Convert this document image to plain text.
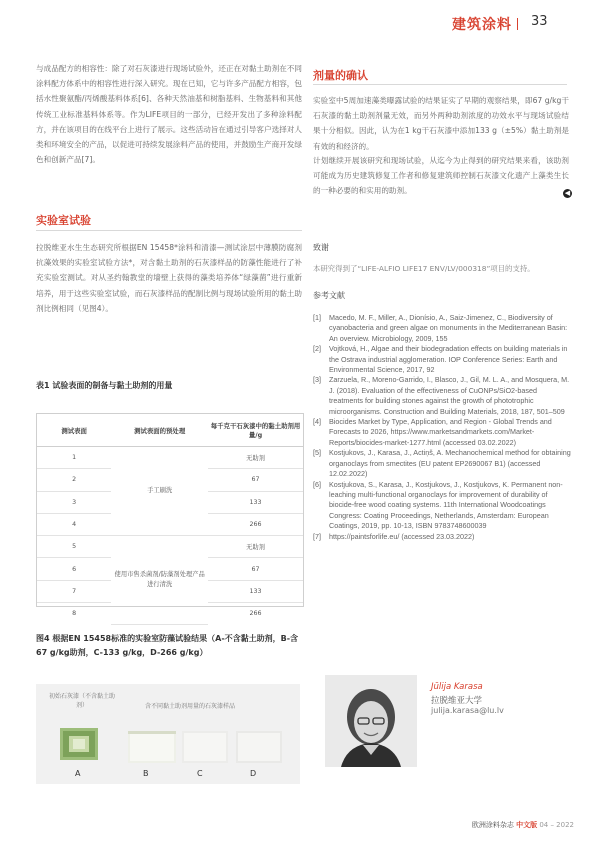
建筑涂料 33

与成品配方的相容性：除了对石灰漆进行现场试验外，还正在对黏土助剂在不同涂料配方体系中的相容性进行深入研究。现在已知，它与许多产品配方相容，包括水性聚氨酯/丙烯酸基料体系[6]、各种天然油基和树脂基料、生物基料和其他传统工业标准基料体系等。作为LIFE项目的一部分，已经开发出了多种涂料配方，并在该项目的在线平台上进行了展示。这些活动旨在通过引导客户选择对人类和环境安全的产品，以促进可持续发展涂料产品的使用，并鼓励生产商开发绿色和创新产品[7]。

实验室试验

拉脱维亚水生生态研究所根据EN 15458*涂料和清漆—测试涂层中薄膜防腐剂抗藻效果的实验室试验方法*，对含黏土助剂的石灰漆样品的防藻性能进行了补充实验室测试。对从圣约翰教堂的墙壁上获得的藻类培养体“绿藻菌”进行重新培养，用于这些实验室试验，而石灰漆样品的配制比例与现场试验所用的黏土助剂比例相同（见图4）。

表1 试验表面的制备与黏土助剂的用量
测试表面	测试表面的预处理	每千克干石灰漆中的黏土助剂用量/g
1	手工刷洗	无助剂
2		67
3		133
4		266
5	使用市售杀菌剂/防藻剂处理产品进行清洗	无助剂
6		67
7		133
8		266
图4 根据EN 15458标准的实验室防藻试验结果（A-不含黏土助剂，B-含67 g/kg助剂，C-133 g/kg，D-266 g/kg）
初始石灰漆（不含黏土助剂）	含不同黏土助剂用量的石灰漆样品
A	B	C	D
剂量的确认

实验室中5周加速藻类曝露试验的结果证实了早期的观察结果，即67 g/kg干石灰漆的黏土助剂剂量无效，而另外两种助剂浓度的功效水平与现场试验结果十分相似。因此，认为在1 kg干石灰漆中添加133 g（±5%）黏土助剂是有效的和经济的。

计划继续开展该研究和现场试验，从迄今为止得到的研究结果来看，该助剂可能成为历史建筑修复工作者和修复建筑师控制石灰漆文化遗产上藻类生长的一种必要的和实用的助剂。	◀
致谢
本研究得到了“LIFE-ALFIO LIFE17 ENV/LV/000318”项目的支持。
参考文献
[1]	Macedo, M. F., Miller, A., Dionísio, A., Saiz-Jimenez, C., Biodiversity of cyanobacteria and green algae on monuments in the Mediterranean Basin: An overview. Microbiology, 2009, 155
[2]	Vojtková, H., Algae and their biodegradation effects on building materials in the Ostrava industrial agglomeration. IOP Conference Series: Earth and Environmental Science, 2017, 92
[3]	Zarzuela, R., Moreno-Garrido, I., Blasco, J., Gil, M. L. A., and Mosquera, M. J. (2018). Evaluation of the effectiveness of CuONPs/SiO2-based treatments for building stones against the growth of phototrophic microorganisms. Construction and Building Materials, 2018, 187, 501–509
[4]	Biocides Market by Type, Application, and Region - Global Trends and Forecasts to 2026, https://www.marketsandmarkets.com/Market-Reports/biocides-market-1277.html (accessed 03.02.2022)
[5]	Kostjukovs, J., Karasa, J., Actiņš, A. Mechanochemical method for obtaining organoclays from smectites (EU patent EP2690067 B1) (accessed 12.02.2022)
[6]	Kostjukova, S., Karasa, J., Kostjukovs, J., Kostjukovs, K. Permanent non-leaching multi-functional organoclays for improvement of durability of biocide-free wood coating systems. 11th International Woodcoatings Congress: Coating Proceedings, Netherlands, Amsterdam: European Coatings, 2019, pp. 10-13, ISBN 9783748600039
[7]	https://paintsforlife.eu/ (accessed 23.03.2022)
Jūlija Karasa
拉脱维亚大学
julija.karasa@lu.lv
欧洲涂料杂志 中文版 04 – 2022
